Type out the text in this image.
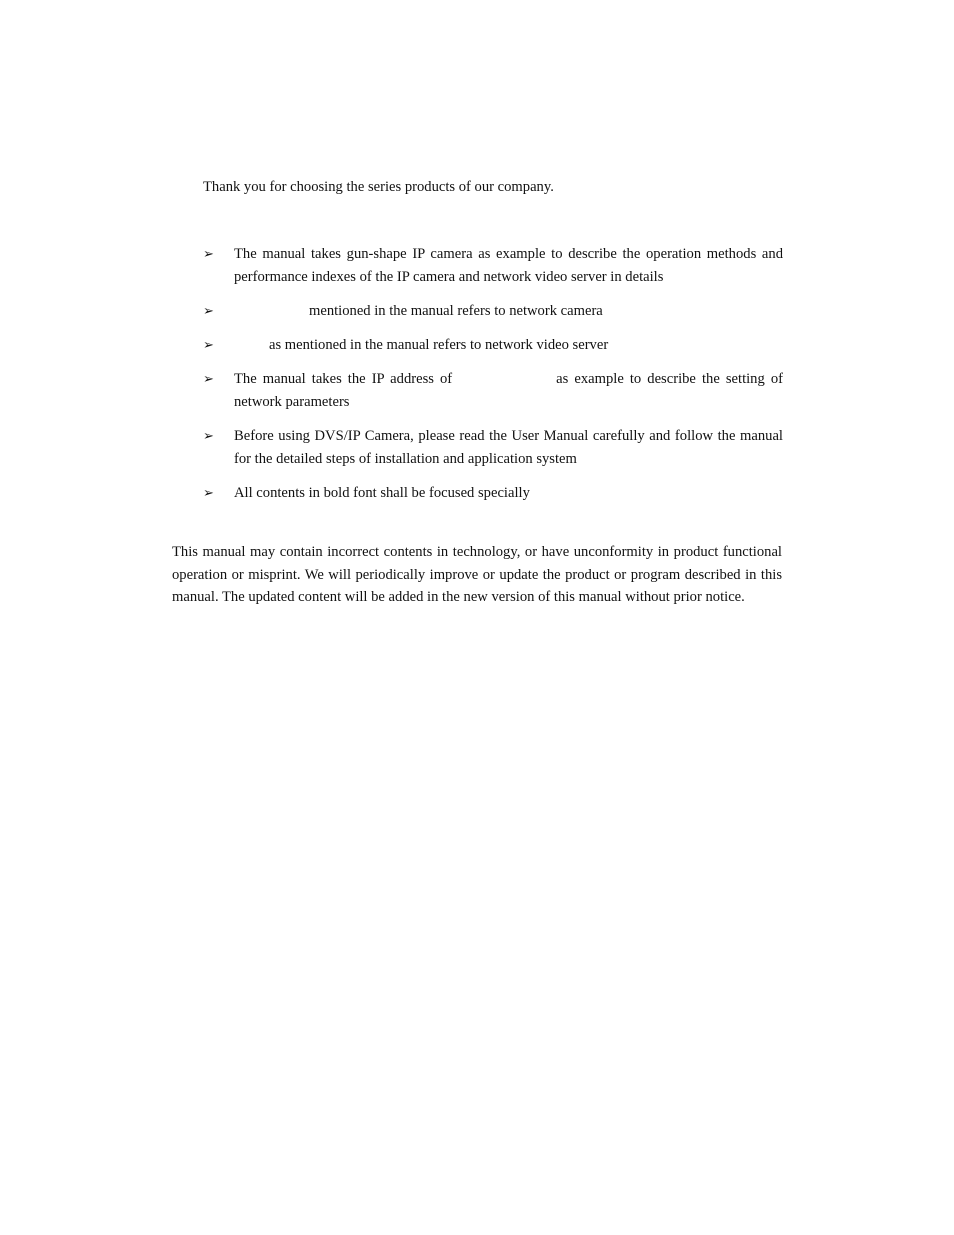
Thank you for choosing the series products of our company.

➢ The manual takes gun-shape IP camera as example to describe the operation methods and performance indexes of the IP camera and network video server in details
➢	mentioned in the manual refers to network camera
➢	as mentioned in the manual refers to network video server
➢ The manual takes the IP address of	as example to describe the setting of network parameters
➢ Before using DVS/IP Camera, please read the User Manual carefully and follow the manual for the detailed steps of installation and application system
➢ All contents in bold font shall be focused specially

This manual may contain incorrect contents in technology, or have unconformity in product functional operation or misprint. We will periodically improve or update the product or program described in this manual. The updated content will be added in the new version of this manual without prior notice.
